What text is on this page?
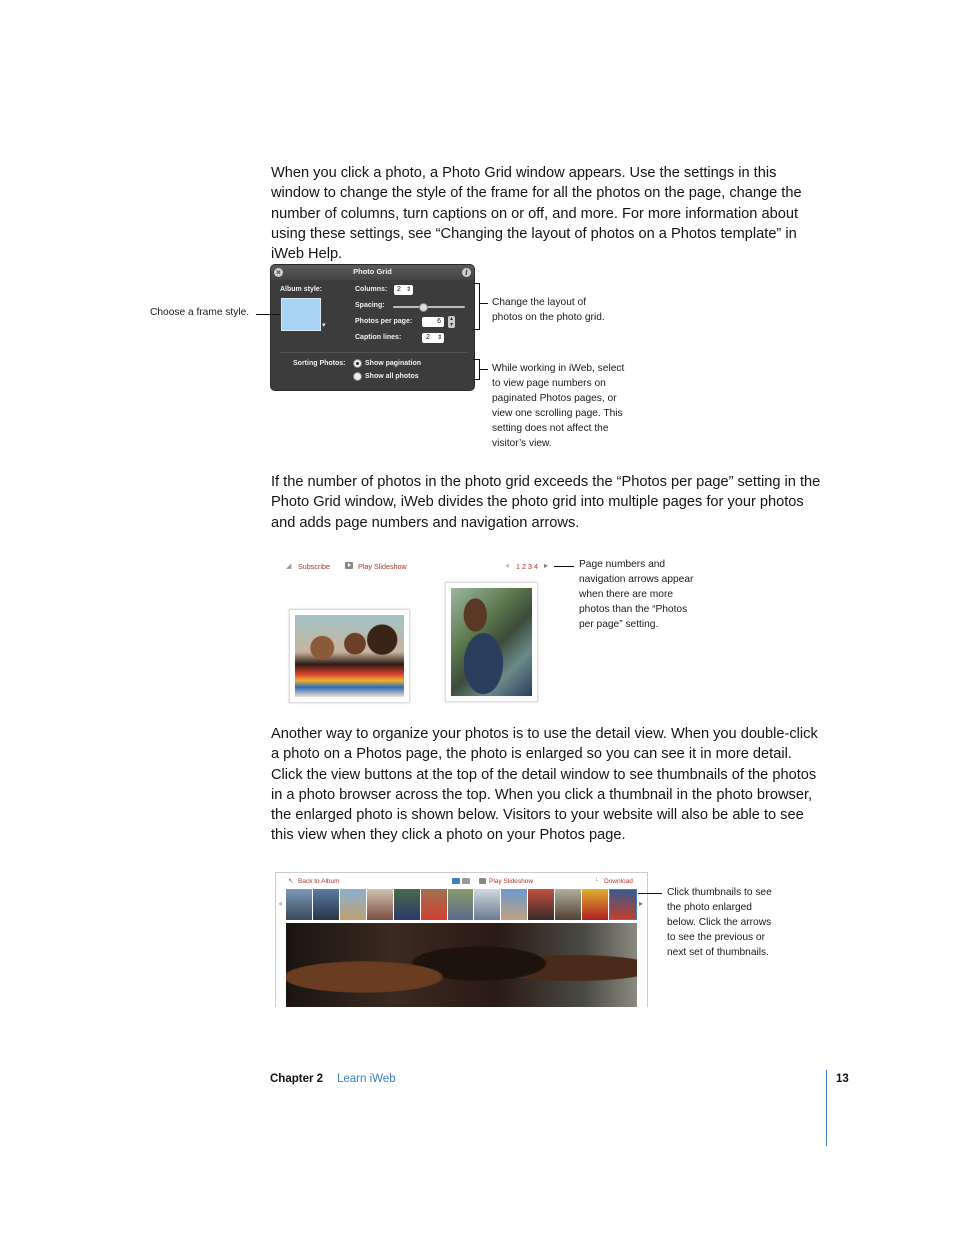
When you click a photo, a Photo Grid window appears. Use the settings in this window to change the style of the frame for all the photos on the page, change the number of columns, turn captions on or off, and more. For more information about using these settings, see “Changing the layout of photos on a Photos template” in iWeb Help.
×	Photo Grid	i
Album style:	Columns:	2 ⇕
Spacing:
Photos per page:	6	▴
▾
Caption lines:	2 ⇕
Sorting Photos:	Show pagination
Show all photos
▾
Choose a frame style.
Change the layout of
photos on the photo grid.
While working in iWeb, select
to view page numbers on
paginated Photos pages, or
view one scrolling page. This
setting does not affect the
visitor’s view.
If the number of photos in the photo grid exceeds the “Photos per page” setting in the Photo Grid window, iWeb divides the photo grid into multiple pages for your photos and adds page numbers and navigation arrows.
◢ Subscribe	Play Slideshow	◂ 1 2 3 4 ▸	Page numbers and
navigation arrows appear
when there are more
photos than the “Photos
per page” setting.
Another way to organize your photos is to use the detail view. When you double-click a photo on a Photos page, the photo is enlarged so you can see it in more detail. Click the view buttons at the top of the detail window to see thumbnails of the photos in a photo browser across the top. When you click a thumbnail in the photo browser, the enlarged photo is shown below. Visitors to your website will also be able to see this view when they click a photo on your Photos page.
↖ Back to Album	Play Slideshow	↓ Download
◂	▸
Click thumbnails to see
the photo enlarged
below. Click the arrows
to see the previous or
next set of thumbnails.
Chapter 2 Learn iWeb	13
